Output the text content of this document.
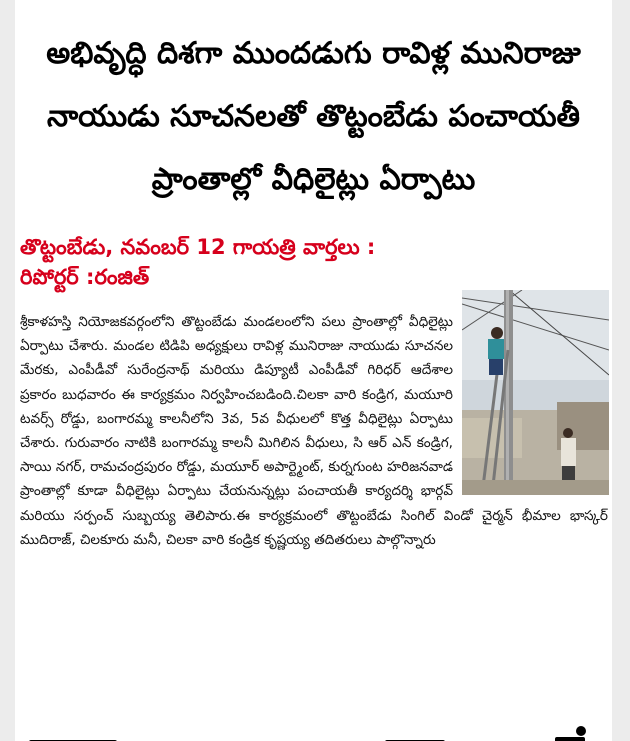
అభివృద్ధి దిశగా ముందడుగు రావిళ్ల మునిరాజు నాయుడు సూచనలతో తొట్టంబేడు పంచాయతీ ప్రాంతాల్లో వీధిలైట్లు ఏర్పాటు
తొట్టంబేడు, నవంబర్ 12 గాయత్రి వార్తలు :
రిపోర్టర్ :రంజిత్
శ్రీకాళహస్తి నియోజకవర్గంలోని తొట్టంబేడు మండలంలోని పలు ప్రాంతాల్లో వీధిలైట్లు ఏర్పాటు చేశారు. మండల టిడిపి అధ్యక్షులు రావిళ్ల మునిరాజు నాయుడు సూచనల మేరకు, ఎంపీడీవో సురేంద్రనాథ్ మరియు డిప్యూటీ ఎంపీడీవో గిరిధర్ ఆదేశాల ప్రకారం బుధవారం ఈ కార్యక్రమం నిర్వహించబడింది.చిలకా వారి కండ్రిగ, మయూరి టవర్స్ రోడ్డు, బంగారమ్మ కాలనీలోని 3వ, 5వ వీధులలో కొత్త వీధిలైట్లు ఏర్పాటు చేశారు. గురువారం నాటికి బంగారమ్మ కాలనీ మిగిలిన వీధులు, సి ఆర్ ఎన్ కండ్రిగ, సాయి నగర్, రామచంద్రపురం రోడ్డు, మయూర్ అపార్ట్మెంట్, కుర్నగుంట హరిజనవాడ ప్రాంతాల్లో కూడా వీధిలైట్లు ఏర్పాటు చేయనున్నట్లు పంచాయతీ కార్యదర్శి భార్గవ్ మరియు సర్పంచ్ సుబ్బయ్య తెలిపారు.ఈ కార్యక్రమంలో తొట్టంబేడు సింగిల్ విండో చైర్మన్ భీమాల భాస్కర్ ముదిరాజ్, చిలకూరు మనీ, చిలకా వారి కండ్రిక కృష్ణయ్య తదితరులు పాల్గొన్నారు
